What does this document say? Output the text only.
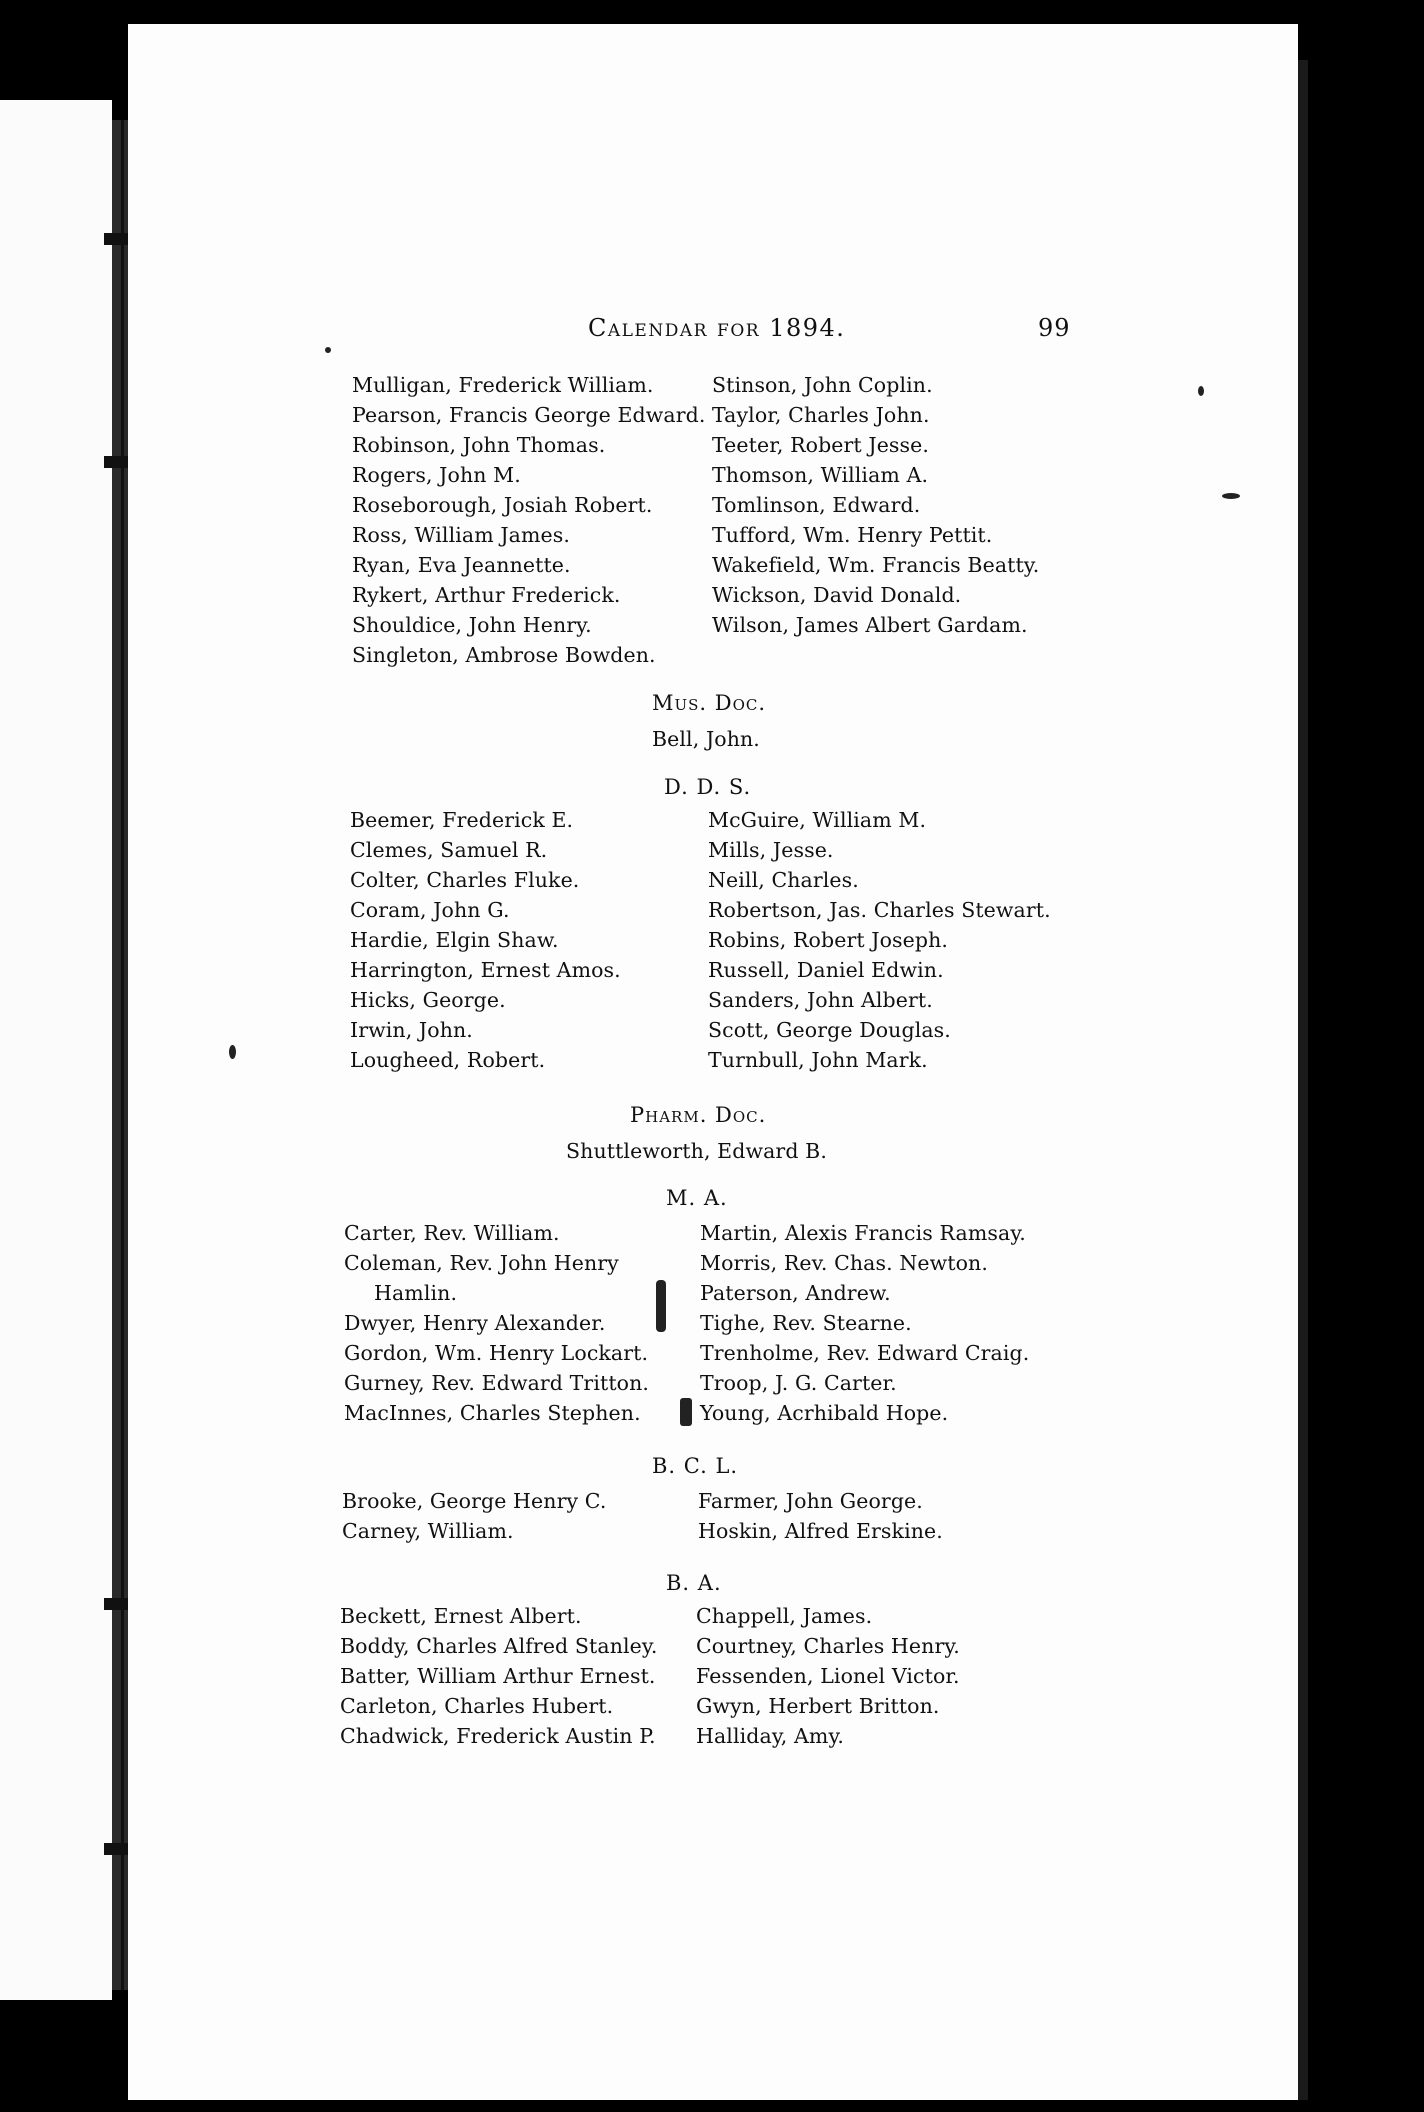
Calendar for 1894.	99
Mulligan, Frederick William.
Pearson, Francis George Edward.
Robinson, John Thomas.
Rogers, John M.
Roseborough, Josiah Robert.
Ross, William James.
Ryan, Eva Jeannette.
Rykert, Arthur Frederick.
Shouldice, John Henry.
Singleton, Ambrose Bowden.
Stinson, John Coplin.
Taylor, Charles John.
Teeter, Robert Jesse.
Thomson, William A.
Tomlinson, Edward.
Tufford, Wm. Henry Pettit.
Wakefield, Wm. Francis Beatty.
Wickson, David Donald.
Wilson, James Albert Gardam.
Mus. Doc.
Bell, John.
D. D. S.
Beemer, Frederick E.
Clemes, Samuel R.
Colter, Charles Fluke.
Coram, John G.
Hardie, Elgin Shaw.
Harrington, Ernest Amos.
Hicks, George.
Irwin, John.
Lougheed, Robert.
McGuire, William M.
Mills, Jesse.
Neill, Charles.
Robertson, Jas. Charles Stewart.
Robins, Robert Joseph.
Russell, Daniel Edwin.
Sanders, John Albert.
Scott, George Douglas.
Turnbull, John Mark.
Pharm. Doc.
Shuttleworth, Edward B.
M. A.
Carter, Rev. William.
Coleman, Rev. John Henry
Hamlin.
Dwyer, Henry Alexander.
Gordon, Wm. Henry Lockart.
Gurney, Rev. Edward Tritton.
MacInnes, Charles Stephen.
Martin, Alexis Francis Ramsay.
Morris, Rev. Chas. Newton.
Paterson, Andrew.
Tighe, Rev. Stearne.
Trenholme, Rev. Edward Craig.
Troop, J. G. Carter.
Young, Acrhibald Hope.
B. C. L.
Brooke, George Henry C.
Carney, William.
Farmer, John George.
Hoskin, Alfred Erskine.
B. A.
Beckett, Ernest Albert.
Boddy, Charles Alfred Stanley.
Batter, William Arthur Ernest.
Carleton, Charles Hubert.
Chadwick, Frederick Austin P.
Chappell, James.
Courtney, Charles Henry.
Fessenden, Lionel Victor.
Gwyn, Herbert Britton.
Halliday, Amy.
